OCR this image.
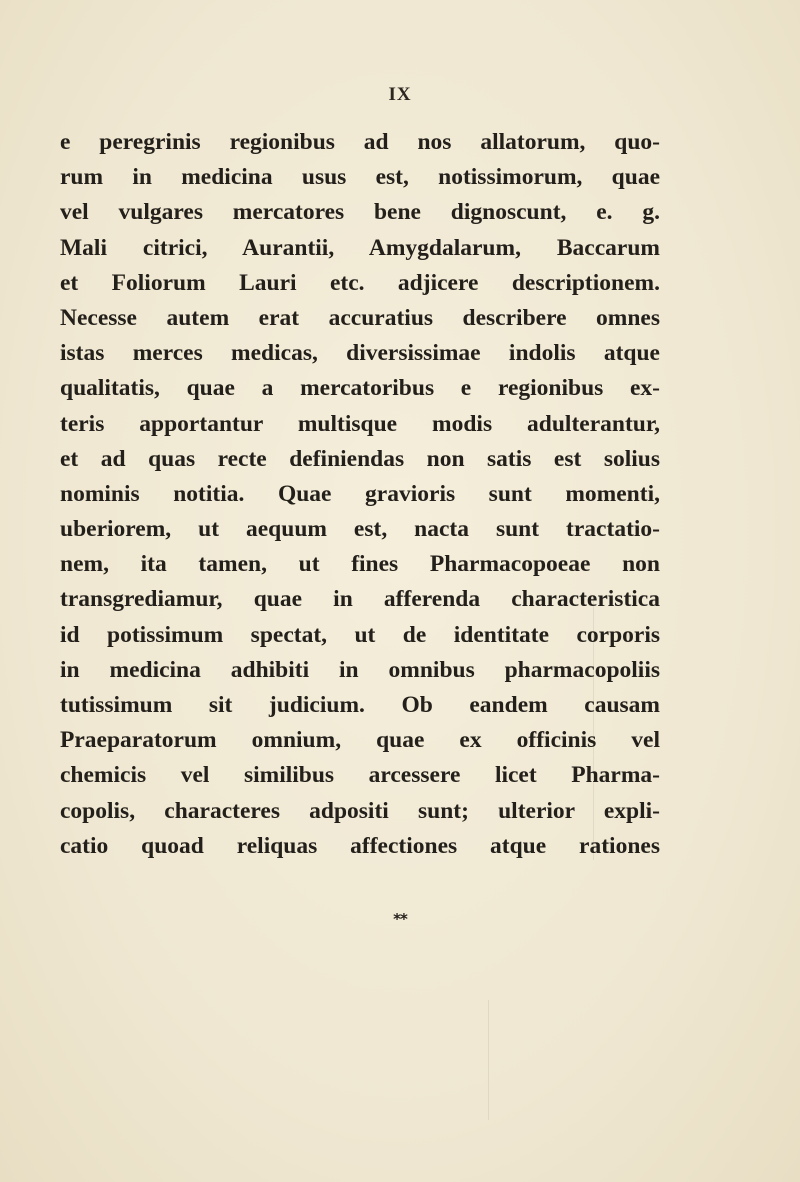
IX
e peregrinis regionibus ad nos allatorum, quo-
rum in medicina usus est, notissimorum, quae
vel vulgares mercatores bene dignoscunt, e. g.
Mali citrici, Aurantii, Amygdalarum, Baccarum
et Foliorum Lauri etc. adjicere descriptionem.
Necesse autem erat accuratius describere omnes
istas merces medicas, diversissimae indolis atque
qualitatis, quae a mercatoribus e regionibus ex-
teris apportantur multisque modis adulterantur,
et ad quas recte definiendas non satis est solius
nominis notitia. Quae gravioris sunt momenti,
uberiorem, ut aequum est, nacta sunt tractatio-
nem, ita tamen, ut fines Pharmacopoeae non
transgrediamur, quae in afferenda characteristica
id potissimum spectat, ut de identitate corporis
in medicina adhibiti in omnibus pharmacopoliis
tutissimum sit judicium. Ob eandem causam
Praeparatorum omnium, quae ex officinis vel
chemicis vel similibus arcessere licet Pharma-
copolis, characteres adpositi sunt; ulterior expli-
catio quoad reliquas affectiones atque rationes
**
